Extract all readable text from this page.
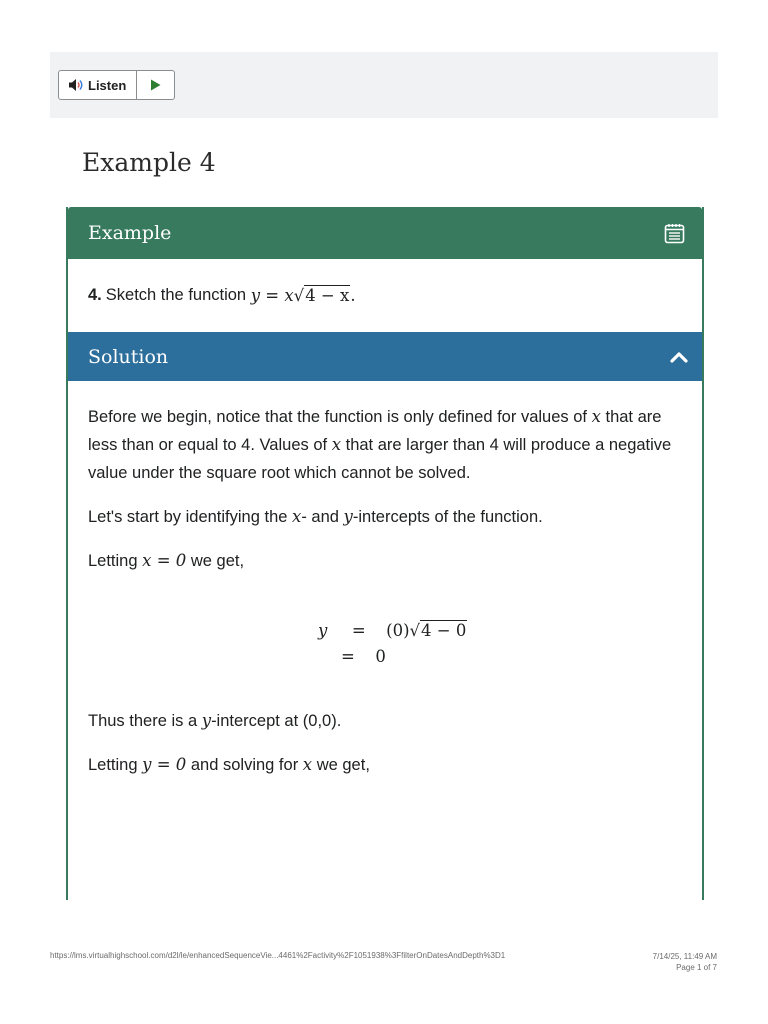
Listen
Example 4
Example
4. Sketch the function
y = x√4 − x.
Solution

Before we begin, notice that the function is only defined for values of x that are less than or equal to 4. Values of x that are larger than 4 will produce a negative value under the square root which cannot be solved.

Let's start by identifying the x- and y-intercepts of the function.

Letting x = 0 we get,

y = (0)√4 − 0
= 0

Thus there is a y-intercept at (0,0).

Letting y = 0 and solving for x we get,

https://lms.virtualhighschool.com/d2l/le/enhancedSequenceVie...4461%2Factivity%2F1051938%3FfilterOnDatesAndDepth%3D1	7/14/25, 11:49 AM
Page 1 of 7
